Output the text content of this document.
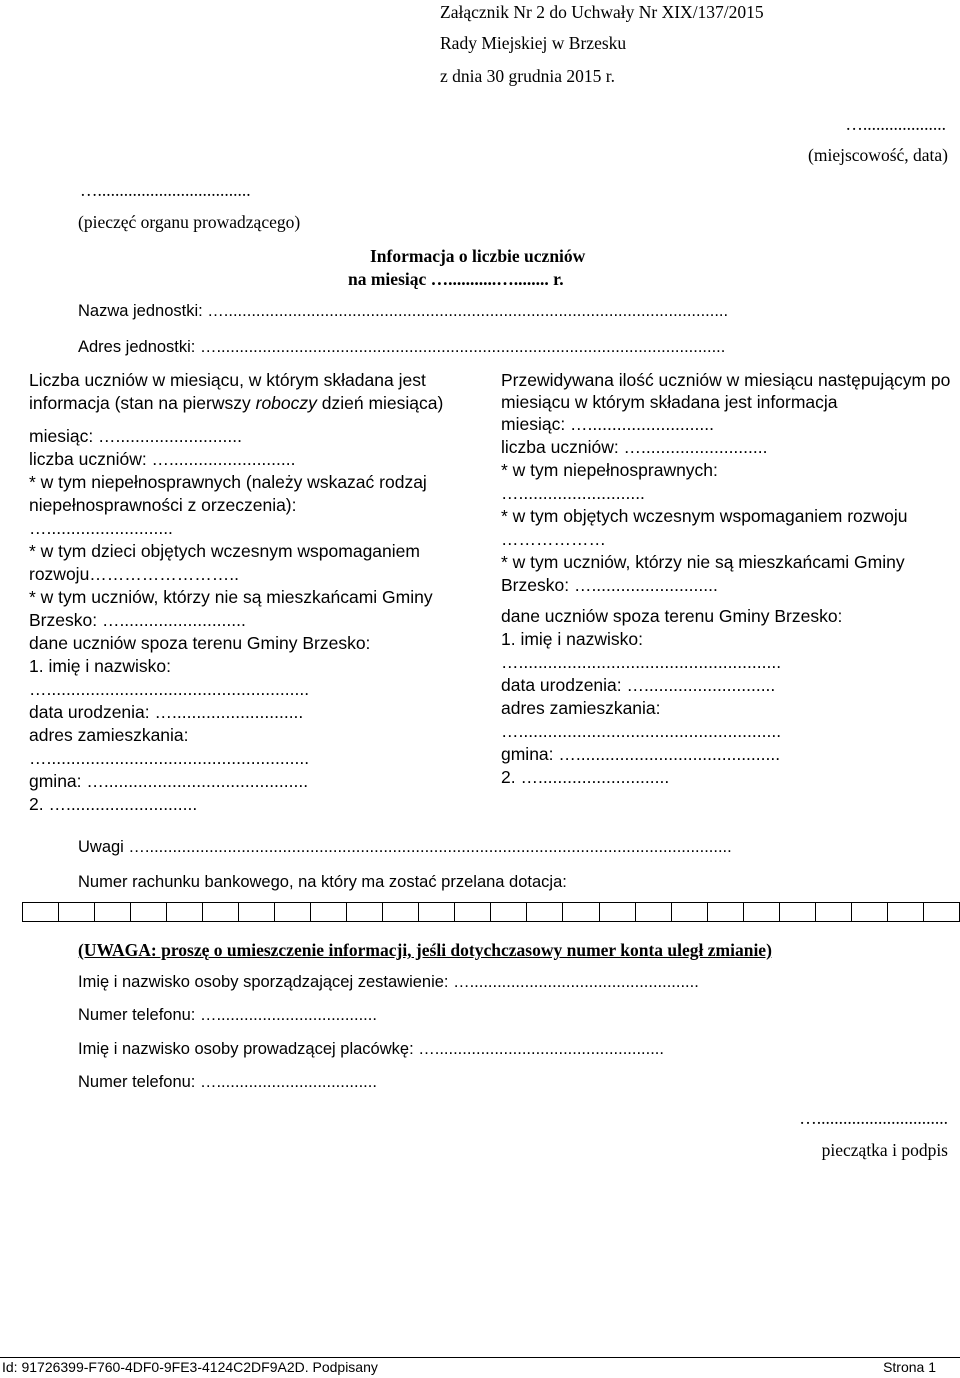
Załącznik Nr 2 do Uchwały Nr XIX/137/2015
Rady Miejskiej w Brzesku
z dnia 30 grudnia 2015 r.
…...................
(miejscowość, data)
…...................................
(pieczęć organu prowadzącego)
Informacja o liczbie uczniów
na miesiąc …...........…........ r.
Nazwa jednostki: …..............................................................................................................
Adres jednostki: …...............................................................................................................

Liczba uczniów w miesiącu, w którym składana jest informacja (stan na pierwszy roboczy dzień miesiąca)

miesiąc: …..........................

liczba uczniów: …..........................

* w tym niepełnosprawnych (należy wskazać rodzaj niepełnosprawności z orzeczenia):

…..........................

* w tym dzieci objętych wczesnym wspomaganiem rozwoju……………………..

* w tym uczniów, którzy nie są mieszkańcami Gminy Brzesko: …..........................

dane uczniów spoza terenu Gminy Brzesko:

1. imię i nazwisko:

…......................................................

data urodzenia: …...........................

adres zamieszkania:

…......................................................

gmina: …..........................................

2. …...........................

Przewidywana ilość uczniów w miesiącu następującym po miesiącu w którym składana jest informacja

miesiąc: …..........................

liczba uczniów: …..........................

* w tym niepełnosprawnych:

…..........................

* w tym objętych wczesnym wspomaganiem rozwoju

………………

* w tym uczniów, którzy nie są mieszkańcami Gminy Brzesko: …..........................

dane uczniów spoza terenu Gminy Brzesko:

1. imię i nazwisko:

…......................................................

data urodzenia: …...........................

adres zamieszkania:

…......................................................

gmina: …..........................................

2. …...........................

Uwagi …................................................................................................................................
Numer rachunku bankowego, na który ma zostać przelana dotacja:
(UWAGA: proszę o umieszczenie informacji, jeśli dotychczasowy numer konta uległ zmianie)
Imię i nazwisko osoby sporządzającej zestawienie: …..................................................
Numer telefonu: …...................................
Imię i nazwisko osoby prowadzącej placówkę: …..................................................
Numer telefonu: …...................................
…..............................
pieczątka i podpis
Id: 91726399-F760-4DF0-9FE3-4124C2DF9A2D. Podpisany	Strona 1
